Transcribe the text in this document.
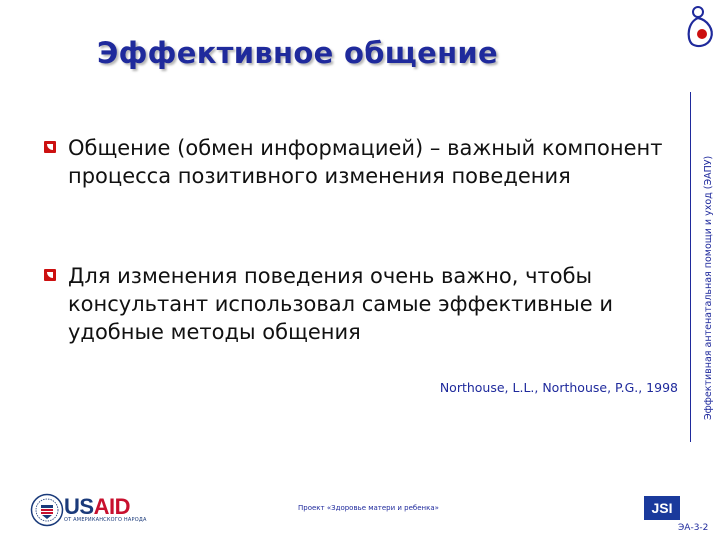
Эффективное общение
Эффективная антенатальная помощи и уход (ЭАПУ)
Общение (обмен информацией) – важный компонент процесса позитивного изменения поведения
Для изменения поведения очень важно, чтобы консультант использовал самые эффективные и удобные методы общения
Northouse, L.L., Northouse, P.G., 1998
USAID
ОТ АМЕРИКАНСКОГО НАРОДА
Проект «Здоровье матери и ребенка»	JSI
ЭА-3-2
